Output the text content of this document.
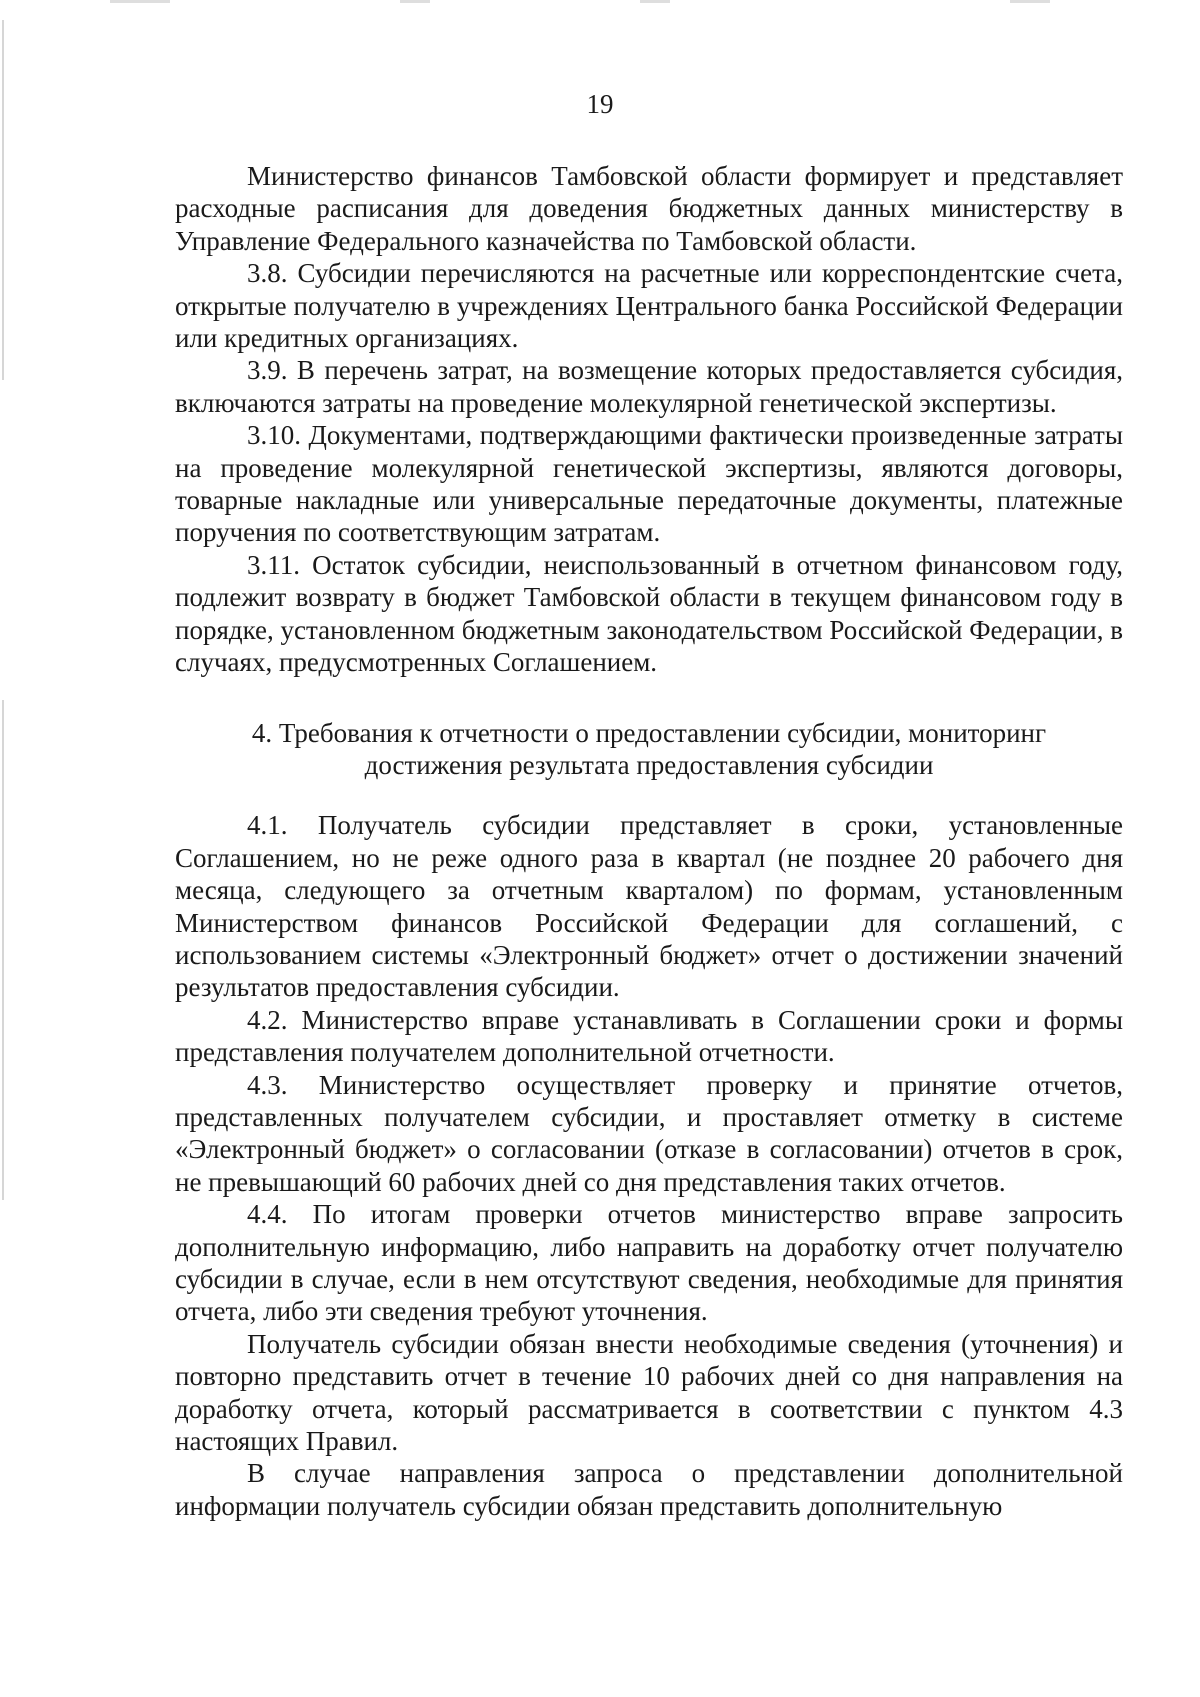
19

Министерство финансов Тамбовской области формирует и представляет расходные расписания для доведения бюджетных данных министерству в Управление Федерального казначейства по Тамбовской области.

3.8. Субсидии перечисляются на расчетные или корреспондентские счета, открытые получателю в учреждениях Центрального банка Российской Федерации или кредитных организациях.

3.9. В перечень затрат, на возмещение которых предоставляется субсидия, включаются затраты на проведение молекулярной генетической экспертизы.

3.10. Документами, подтверждающими фактически произведенные затраты на проведение молекулярной генетической экспертизы, являются договоры, товарные накладные или универсальные передаточные документы, платежные поручения по соответствующим затратам.

3.11. Остаток субсидии, неиспользованный в отчетном финансовом году, подлежит возврату в бюджет Тамбовской области в текущем финансовом году в порядке, установленном бюджетным законодательством Российской Федерации, в случаях, предусмотренных Соглашением.

4. Требования к отчетности о предоставлении субсидии, мониторинг
достижения результата предоставления субсидии

4.1. Получатель субсидии представляет в сроки, установленные Соглашением, но не реже одного раза в квартал (не позднее 20 рабочего дня месяца, следующего за отчетным кварталом) по формам, установленным Министерством финансов Российской Федерации для соглашений, с использованием системы «Электронный бюджет» отчет о достижении значений результатов предоставления субсидии.

4.2. Министерство вправе устанавливать в Соглашении сроки и формы представления получателем дополнительной отчетности.

4.3. Министерство осуществляет проверку и принятие отчетов, представленных получателем субсидии, и проставляет отметку в системе «Электронный бюджет» о согласовании (отказе в согласовании) отчетов в срок, не превышающий 60 рабочих дней со дня представления таких отчетов.

4.4. По итогам проверки отчетов министерство вправе запросить дополнительную информацию, либо направить на доработку отчет получателю субсидии в случае, если в нем отсутствуют сведения, необходимые для принятия отчета, либо эти сведения требуют уточнения.

Получатель субсидии обязан внести необходимые сведения (уточнения) и повторно представить отчет в течение 10 рабочих дней со дня направления на доработку отчета, который рассматривается в соответствии с пунктом 4.3 настоящих Правил.

В случае направления запроса о представлении дополнительной информации получатель субсидии обязан представить дополнительную
